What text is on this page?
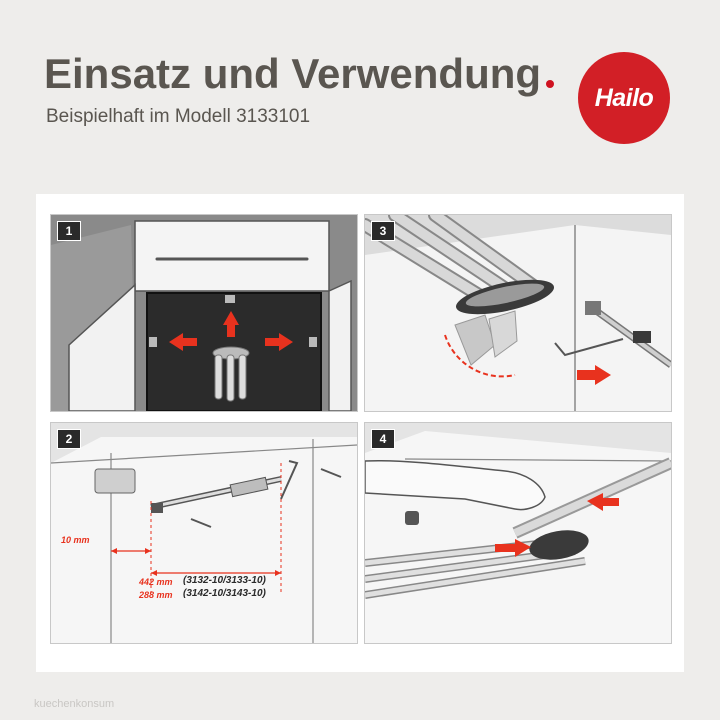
Einsatz und Verwendung
Beispielhaft im Modell 3133101
Hailo
1	3
2
10 mm
442 mm
288 mm
(3132-10/3133-10)
(3142-10/3143-10)
4
kuechenkonsum
